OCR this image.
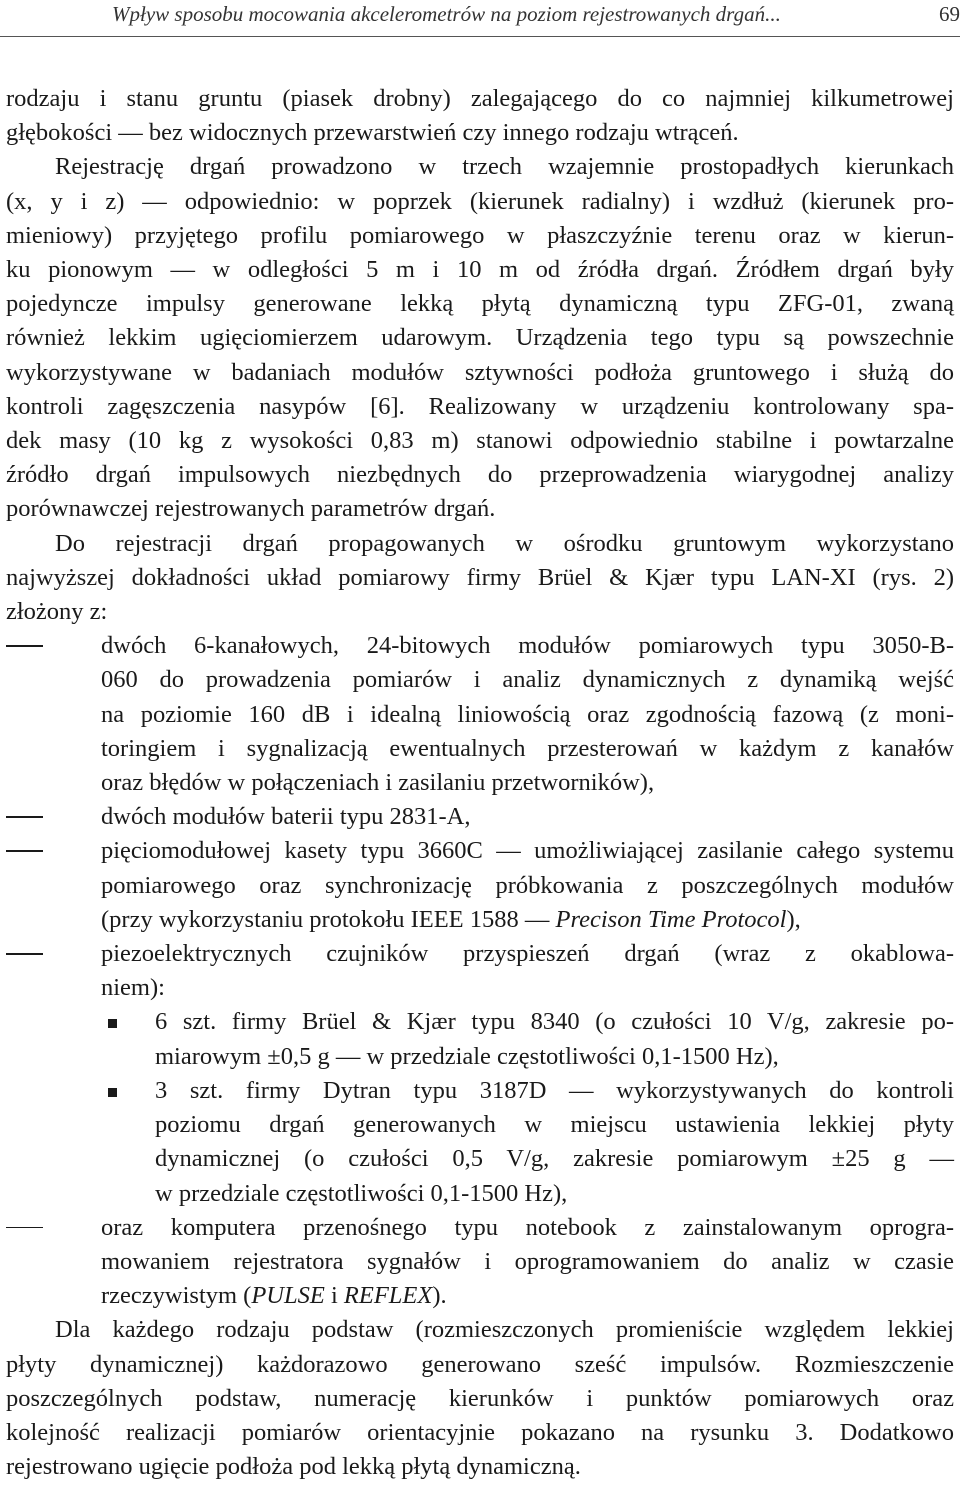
Wpływ sposobu mocowania akcelerometrów na poziom rejestrowanych drgań...	69
rodzaju i stanu gruntu (piasek drobny) zalegającego do co najmniej kilkumetrowej
głębokości — bez widocznych przewarstwień czy innego rodzaju wtrąceń.
Rejestrację drgań prowadzono w trzech wzajemnie prostopadłych kierunkach
(x, y i z) — odpowiednio: w poprzek (kierunek radialny) i wzdłuż (kierunek pro-
mieniowy) przyjętego profilu pomiarowego w płaszczyźnie terenu oraz w kierun-
ku pionowym — w odległości 5 m i 10 m od źródła drgań. Źródłem drgań były
pojedyncze impulsy generowane lekką płytą dynamiczną typu ZFG-01, zwaną
również lekkim ugięciomierzem udarowym. Urządzenia tego typu są powszechnie
wykorzystywane w badaniach modułów sztywności podłoża gruntowego i służą do
kontroli zagęszczenia nasypów [6]. Realizowany w urządzeniu kontrolowany spa-
dek masy (10 kg z wysokości 0,83 m) stanowi odpowiednio stabilne i powtarzalne
źródło drgań impulsowych niezbędnych do przeprowadzenia wiarygodnej analizy
porównawczej rejestrowanych parametrów drgań.
Do rejestracji drgań propagowanych w ośrodku gruntowym wykorzystano
najwyższej dokładności układ pomiarowy firmy Brüel & Kjær typu LAN-XI (rys. 2)
złożony z:
dwóch 6-kanałowych, 24-bitowych modułów pomiarowych typu 3050-B-
060 do prowadzenia pomiarów i analiz dynamicznych z dynamiką wejść
na poziomie 160 dB i idealną liniowością oraz zgodnością fazową (z moni-
toringiem i sygnalizacją ewentualnych przesterowań w każdym z kanałów
oraz błędów w połączeniach i zasilaniu przetworników),
dwóch modułów baterii typu 2831-A,
pięciomodułowej kasety typu 3660C — umożliwiającej zasilanie całego systemu
pomiarowego oraz synchronizację próbkowania z poszczególnych modułów
(przy wykorzystaniu protokołu IEEE 1588 — Precison Time Protocol),
piezoelektrycznych czujników przyspieszeń drgań (wraz z okablowa-
niem):
6 szt. firmy Brüel & Kjær typu 8340 (o czułości 10 V/g, zakresie po-
miarowym ±0,5 g — w przedziale częstotliwości 0,1-1500 Hz),
3 szt. firmy Dytran typu 3187D — wykorzystywanych do kontroli
poziomu drgań generowanych w miejscu ustawienia lekkiej płyty
dynamicznej (o czułości 0,5 V/g, zakresie pomiarowym ±25 g —
w przedziale częstotliwości 0,1-1500 Hz),
oraz komputera przenośnego typu notebook z zainstalowanym oprogra-
mowaniem rejestratora sygnałów i oprogramowaniem do analiz w czasie
rzeczywistym (PULSE i REFLEX).
Dla każdego rodzaju podstaw (rozmieszczonych promieniście względem lekkiej
płyty dynamicznej) każdorazowo generowano sześć impulsów. Rozmieszczenie
poszczególnych podstaw, numerację kierunków i punktów pomiarowych oraz
kolejność realizacji pomiarów orientacyjnie pokazano na rysunku 3. Dodatkowo
rejestrowano ugięcie podłoża pod lekką płytą dynamiczną.
